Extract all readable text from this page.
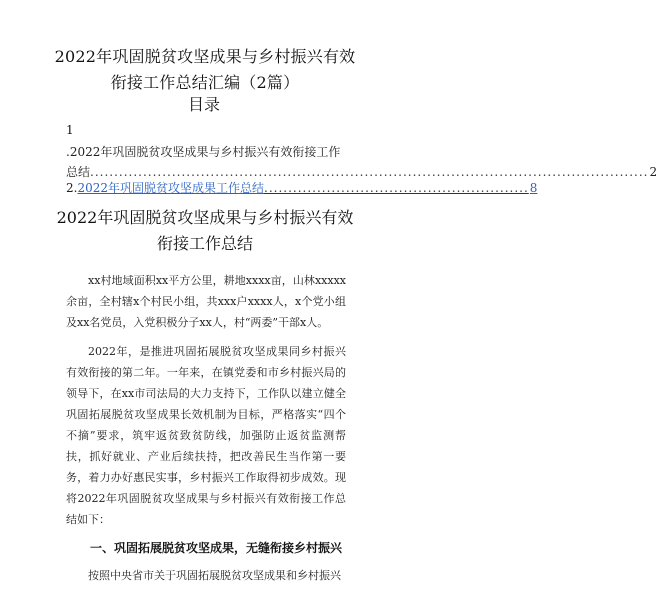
2022年巩固脱贫攻坚成果与乡村振兴有效衔接工作总结汇编（2篇）
目录
1
.2022年巩固脱贫攻坚成果与乡村振兴有效衔接工作
总结 .................................................................................................................... 2
2. 2022年巩固脱贫攻坚成果工作总结 ....................................................... 8
2022年巩固脱贫攻坚成果与乡村振兴有效衔接工作总结

xx村地域面积xx平方公里，耕地xxxx亩，山林xxxxx余亩，全村辖x个村民小组，共xxx户xxxx人，x个党小组及xx名党员，入党积极分子xx人，村“两委”干部x人。

2022年，是推进巩固拓展脱贫攻坚成果同乡村振兴有效衔接的第二年。一年来，在镇党委和市乡村振兴局的领导下，在xx市司法局的大力支持下，工作队以建立健全巩固拓展脱贫攻坚成果长效机制为目标，严格落实“四个不摘”要求，筑牢返贫致贫防线，加强防止返贫监测帮扶，抓好就业、产业后续扶持，把改善民生当作第一要务，着力办好惠民实事，乡村振兴工作取得初步成效。现将2022年巩固脱贫攻坚成果与乡村振兴有效衔接工作总结如下：

一、巩固拓展脱贫攻坚成果，无缝衔接乡村振兴

按照中央省市关于巩固拓展脱贫攻坚成果和乡村振兴
